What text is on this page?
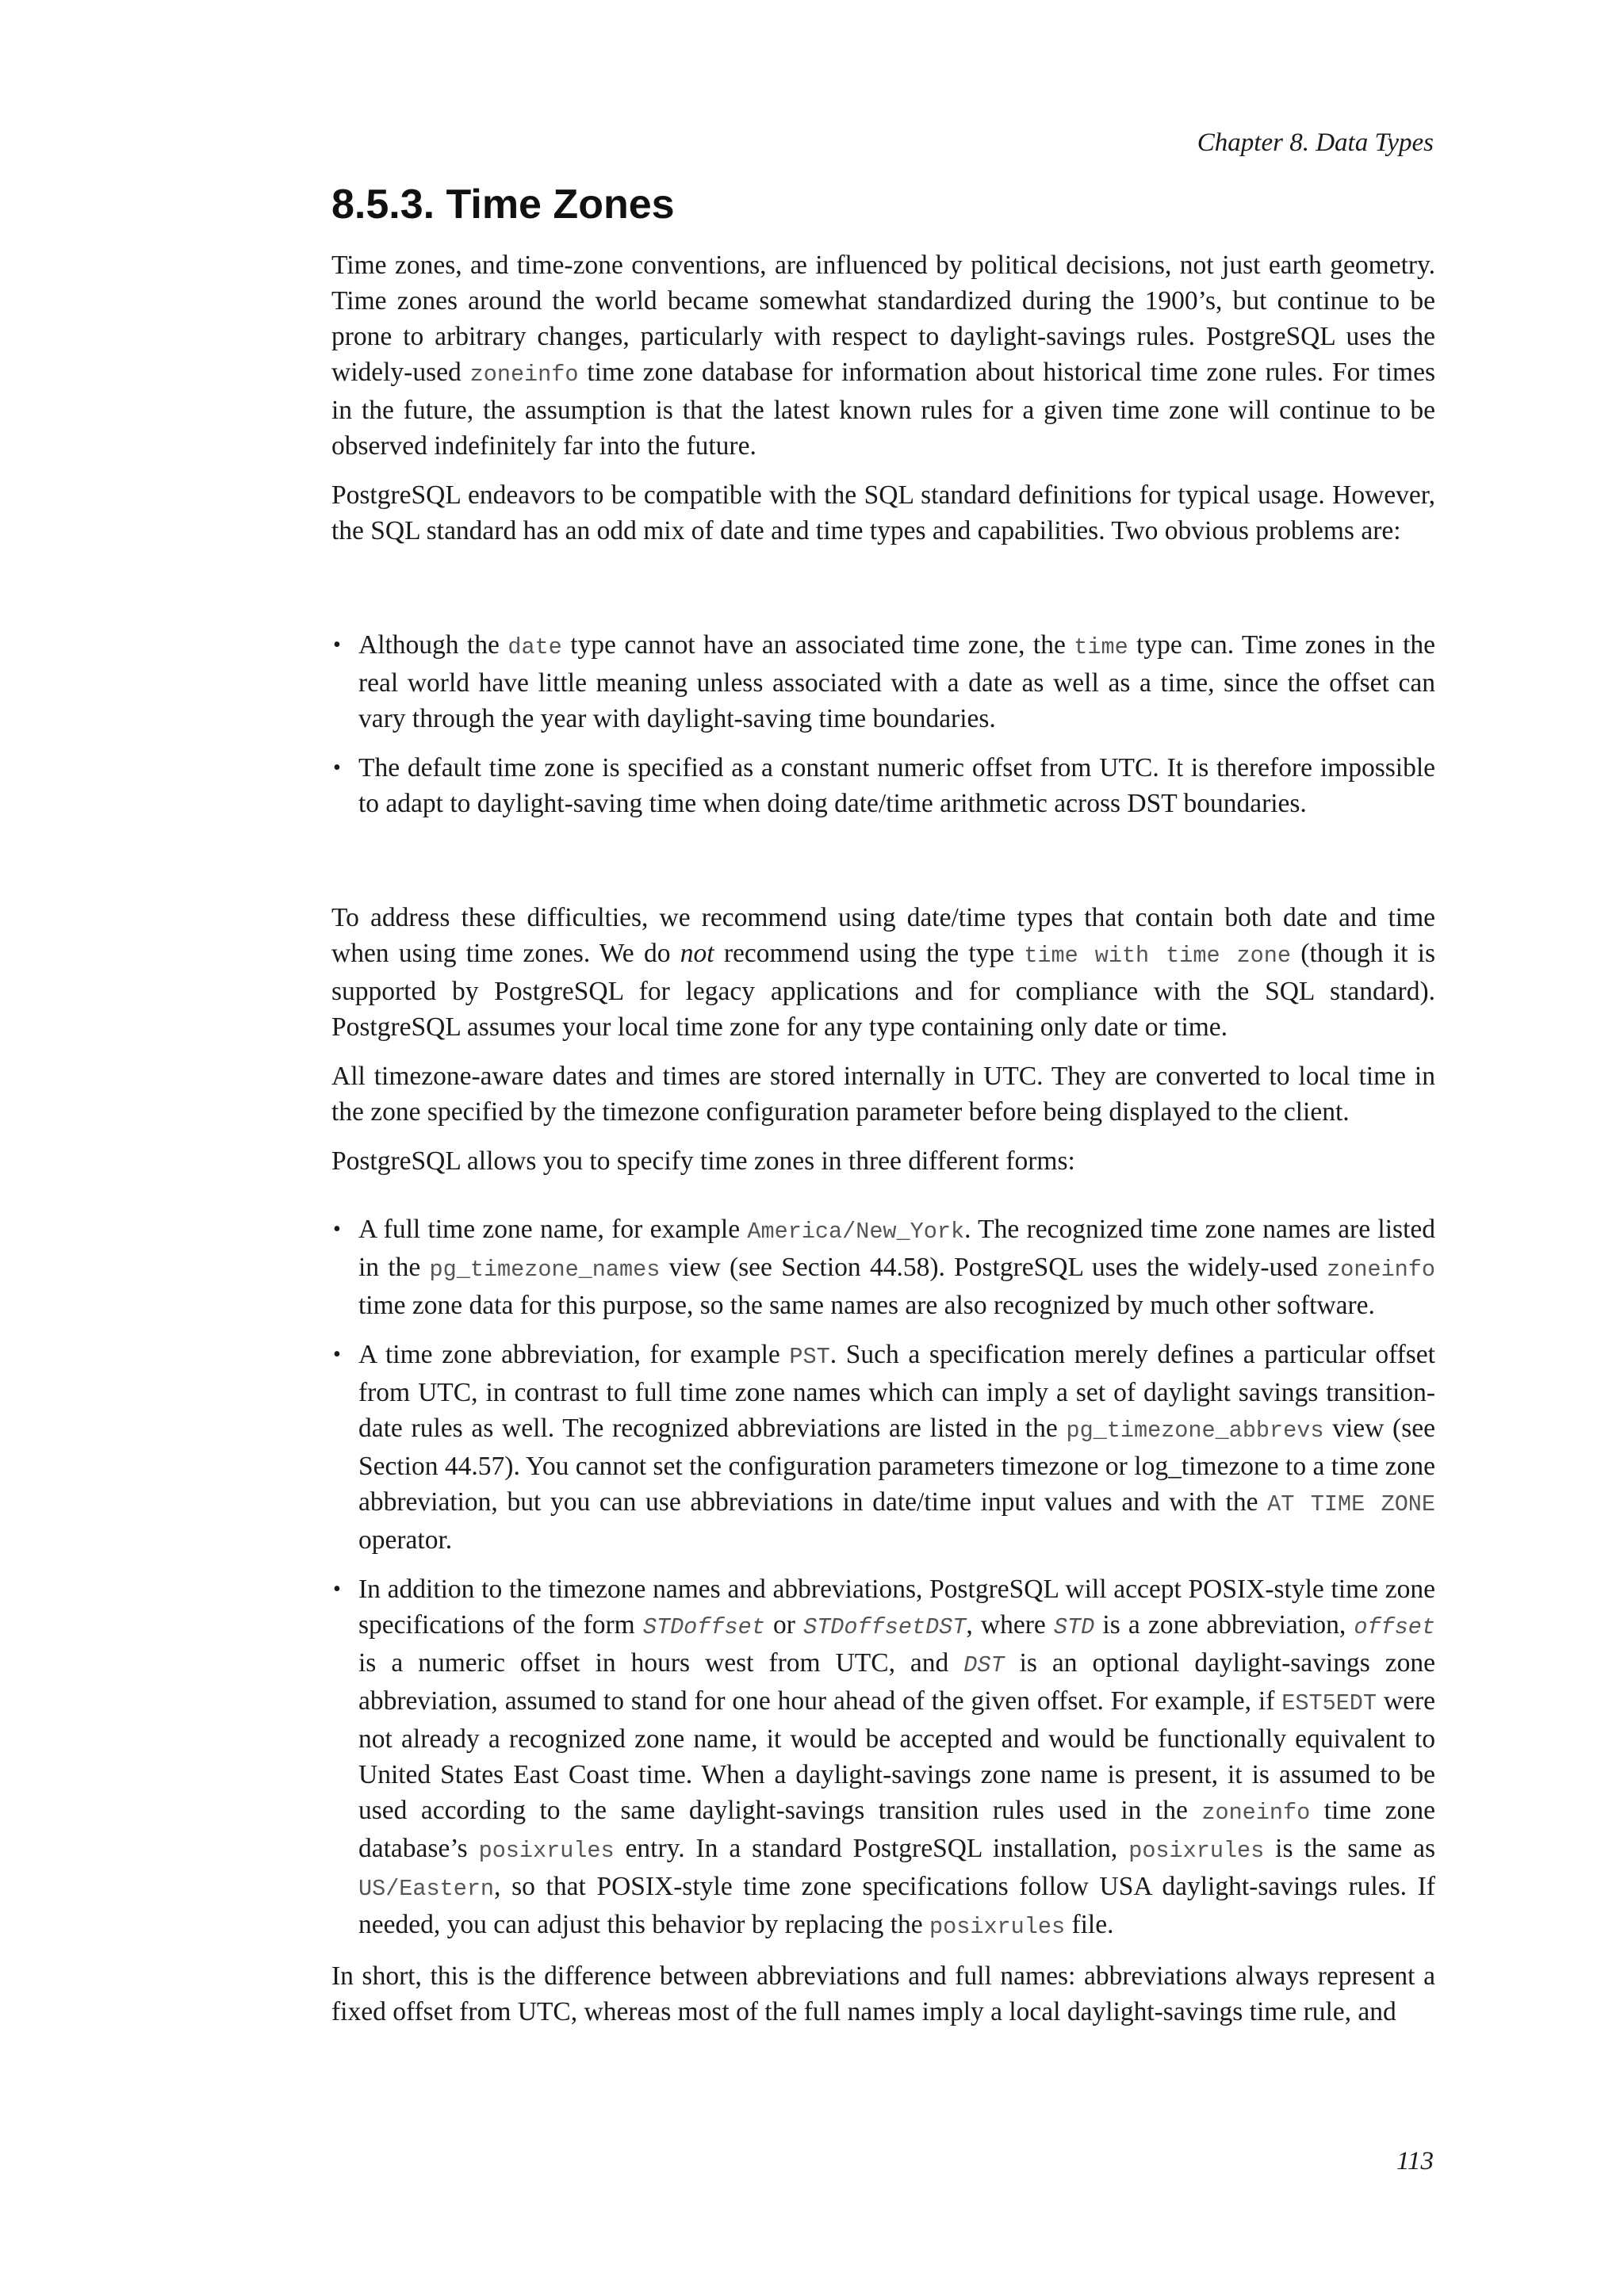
Chapter 8. Data Types
8.5.3. Time Zones

Time zones, and time-zone conventions, are influenced by political decisions, not just earth geometry. Time zones around the world became somewhat standardized during the 1900’s, but continue to be prone to arbitrary changes, particularly with respect to daylight-savings rules. PostgreSQL uses the widely-used zoneinfo time zone database for information about historical time zone rules. For times in the future, the assumption is that the latest known rules for a given time zone will continue to be observed indefinitely far into the future.

PostgreSQL endeavors to be compatible with the SQL standard definitions for typical usage. However, the SQL standard has an odd mix of date and time types and capabilities. Two obvious problems are:

• Although the date type cannot have an associated time zone, the time type can. Time zones in the real world have little meaning unless associated with a date as well as a time, since the offset can vary through the year with daylight-saving time boundaries.
• The default time zone is specified as a constant numeric offset from UTC. It is therefore impossible to adapt to daylight-saving time when doing date/time arithmetic across DST boundaries.

To address these difficulties, we recommend using date/time types that contain both date and time when using time zones. We do not recommend using the type time with time zone (though it is supported by PostgreSQL for legacy applications and for compliance with the SQL standard). PostgreSQL assumes your local time zone for any type containing only date or time.

All timezone-aware dates and times are stored internally in UTC. They are converted to local time in the zone specified by the timezone configuration parameter before being displayed to the client.

PostgreSQL allows you to specify time zones in three different forms:

• A full time zone name, for example America/New_York. The recognized time zone names are listed in the pg_timezone_names view (see Section 44.58). PostgreSQL uses the widely-used zoneinfo time zone data for this purpose, so the same names are also recognized by much other software.
• A time zone abbreviation, for example PST. Such a specification merely defines a particular offset from UTC, in contrast to full time zone names which can imply a set of daylight savings transition-date rules as well. The recognized abbreviations are listed in the pg_timezone_abbrevs view (see Section 44.57). You cannot set the configuration parameters timezone or log_timezone to a time zone abbreviation, but you can use abbreviations in date/time input values and with the AT TIME ZONE operator.
• In addition to the timezone names and abbreviations, PostgreSQL will accept POSIX-style time zone specifications of the form STDoffset or STDoffsetDST, where STD is a zone abbreviation, offset is a numeric offset in hours west from UTC, and DST is an optional daylight-savings zone abbreviation, assumed to stand for one hour ahead of the given offset. For example, if EST5EDT were not already a recognized zone name, it would be accepted and would be functionally equivalent to United States East Coast time. When a daylight-savings zone name is present, it is assumed to be used according to the same daylight-savings transition rules used in the zoneinfo time zone database’s posixrules entry. In a standard PostgreSQL installation, posixrules is the same as US/Eastern, so that POSIX-style time zone specifications follow USA daylight-savings rules. If needed, you can adjust this behavior by replacing the posixrules file.

In short, this is the difference between abbreviations and full names: abbreviations always represent a fixed offset from UTC, whereas most of the full names imply a local daylight-savings time rule, and

113
